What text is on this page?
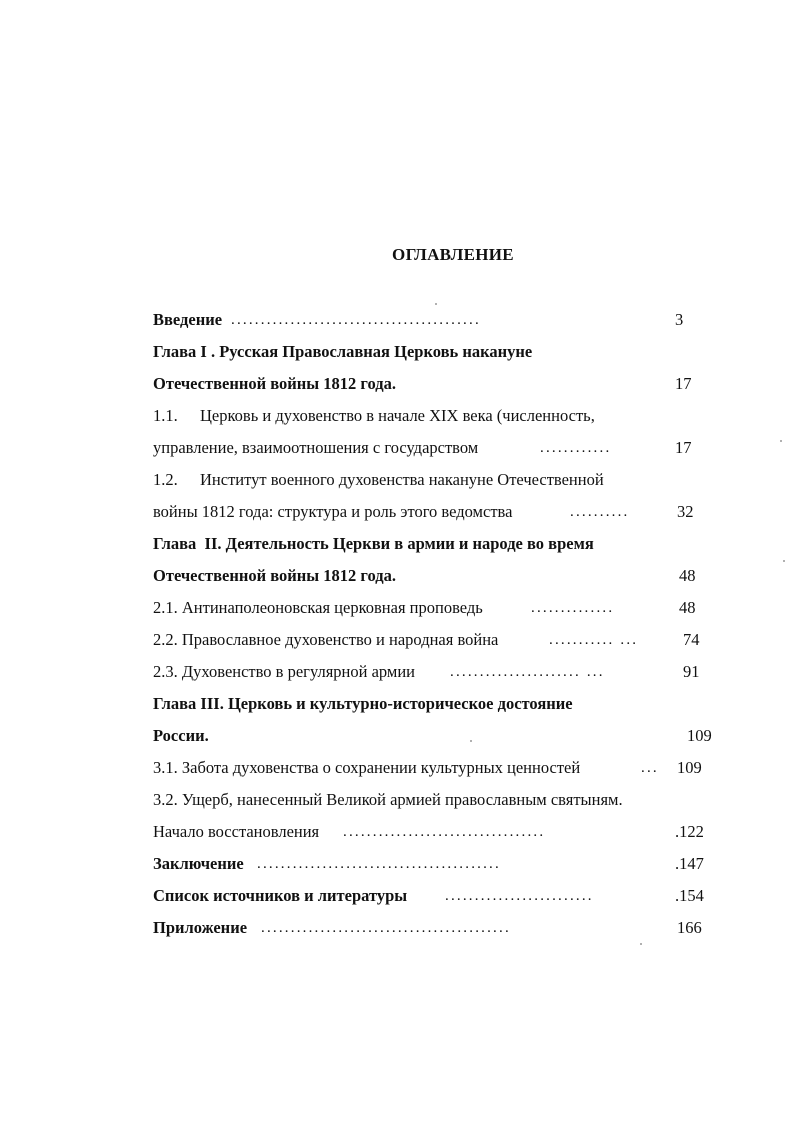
ОГЛАВЛЕНИЕ
Введение ..........................................	3
Глава I . Русская Православная Церковь накануне
Отечественной войны 1812 года.	17
1.1. Церковь и духовенство в начале XIX века (численность,
управление, взаимоотношения с государством	............	17
1.2. Институт военного духовенства накануне Отечественной
войны 1812 года: структура и роль этого ведомства	..........	32
Глава  II. Деятельность Церкви в армии и народе во время
Отечественной войны 1812 года.	48
2.1. Антинаполеоновская церковная проповедь	..............	48
2.2. Православное духовенство и народная война	........... ...	74
2.3. Духовенство в регулярной армии ...................... ...	91
Глава III. Церковь и культурно-историческое достояние
России.	109
3.1. Забота духовенства о сохранении культурных ценностей	...	109
3.2. Ущерб, нанесенный Великой армией православным святыням.
Начало восстановления ..................................	.122
Заключение .........................................	.147
Список источников и литературы	.........................	.154
Приложение ..........................................	166
